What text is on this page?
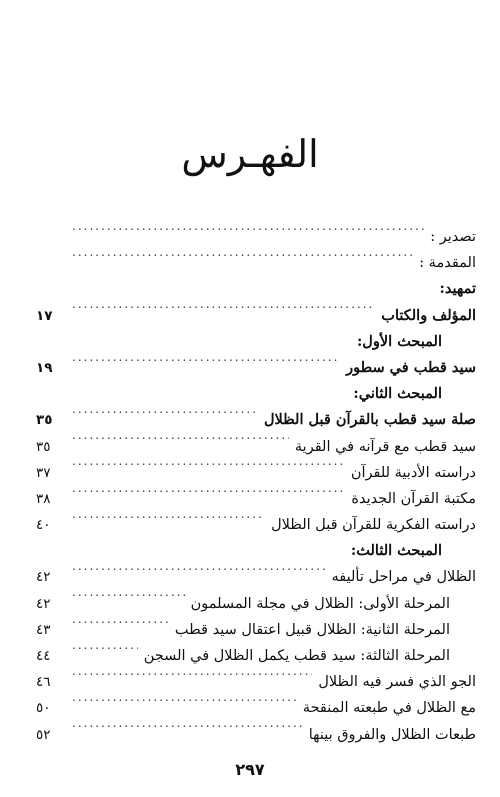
الفهـرس
تصدير :
.....
المقدمة :
.....
تمهيد:
المؤلف والكتاب
.....
١٧
المبحث الأول:
سيد قطب في سطور
.....
١٩
المبحث الثاني:
صلة سيد قطب بالقرآن قبل الظلال
.....
٣٥
سيد قطب مع قرآنه في القرية
.....
٣٥
دراسته الأدبية للقرآن
.....
٣٧
مكتبة القرآن الجديدة
.....
٣٨
دراسته الفكرية للقرآن قبل الظلال
.....
٤٠
المبحث الثالث:
الظلال في مراحل تأليفه
.....
٤٢
المرحلة الأولى: الظلال في مجلة المسلمون
.....
٤٢
المرحلة الثانية: الظلال قبيل اعتقال سيد قطب
.....
٤٣
المرحلة الثالثة: سيد قطب يكمل الظلال في السجن
.....
٤٤
الجو الذي فسر فيه الظلال
.....
٤٦
مع الظلال في طبعته المنقحة
.....
٥٠
طبعات الظلال والفروق بينها
.....
٥٢
٢٩٧
